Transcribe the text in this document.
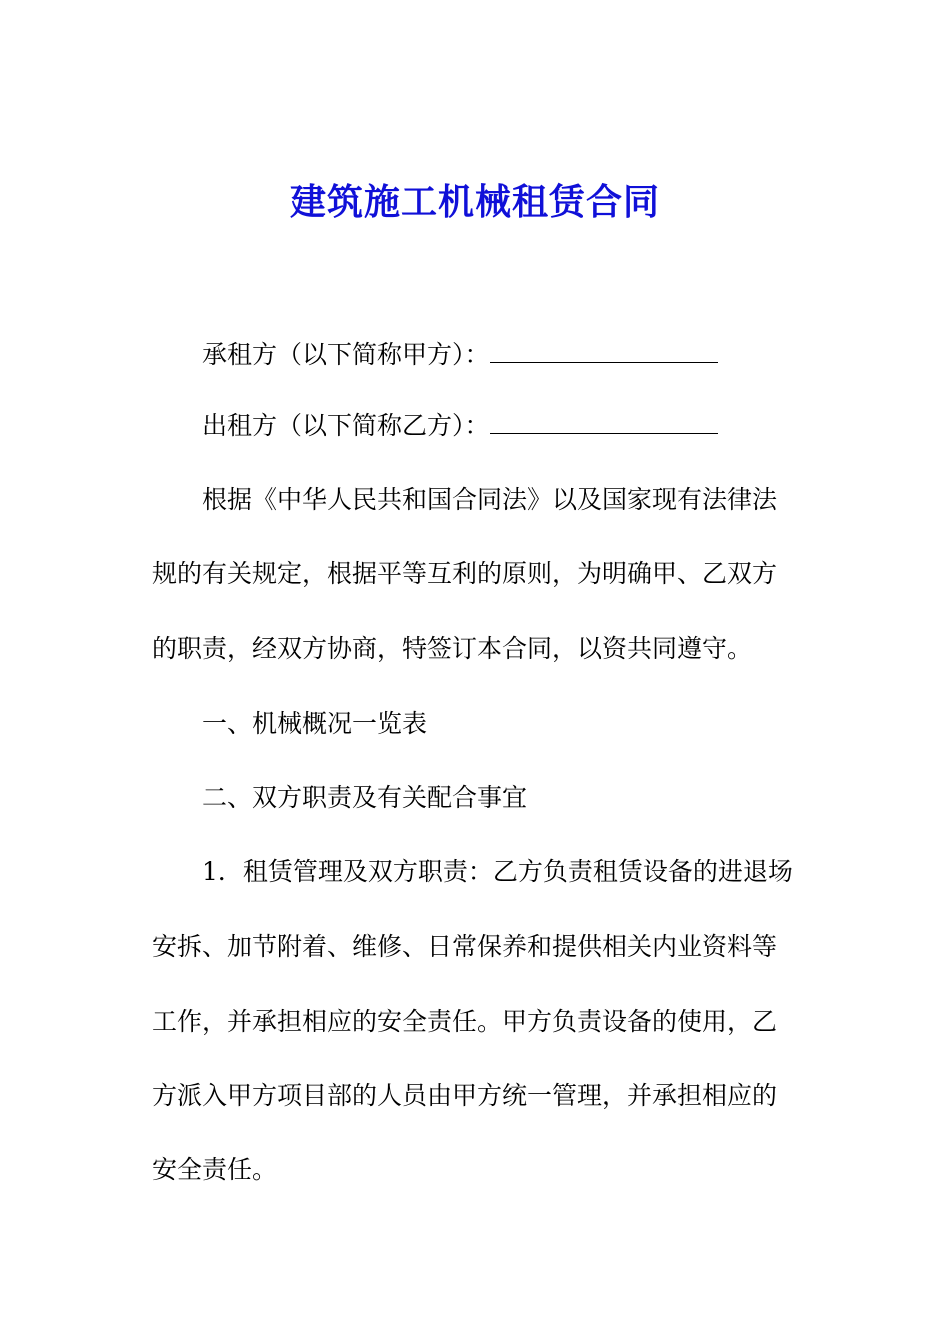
建筑施工机械租赁合同
承租方（以下简称甲方）：
出租方（以下简称乙方）：
根据《中华人民共和国合同法》以及国家现有法律法
规的有关规定，根据平等互利的原则，为明确甲、乙双方
的职责，经双方协商，特签订本合同，以资共同遵守。
一、机械概况一览表
二、双方职责及有关配合事宜
1．租赁管理及双方职责：乙方负责租赁设备的进退场
安拆、加节附着、维修、日常保养和提供相关内业资料等
工作，并承担相应的安全责任。甲方负责设备的使用，乙
方派入甲方项目部的人员由甲方统一管理，并承担相应的
安全责任。
